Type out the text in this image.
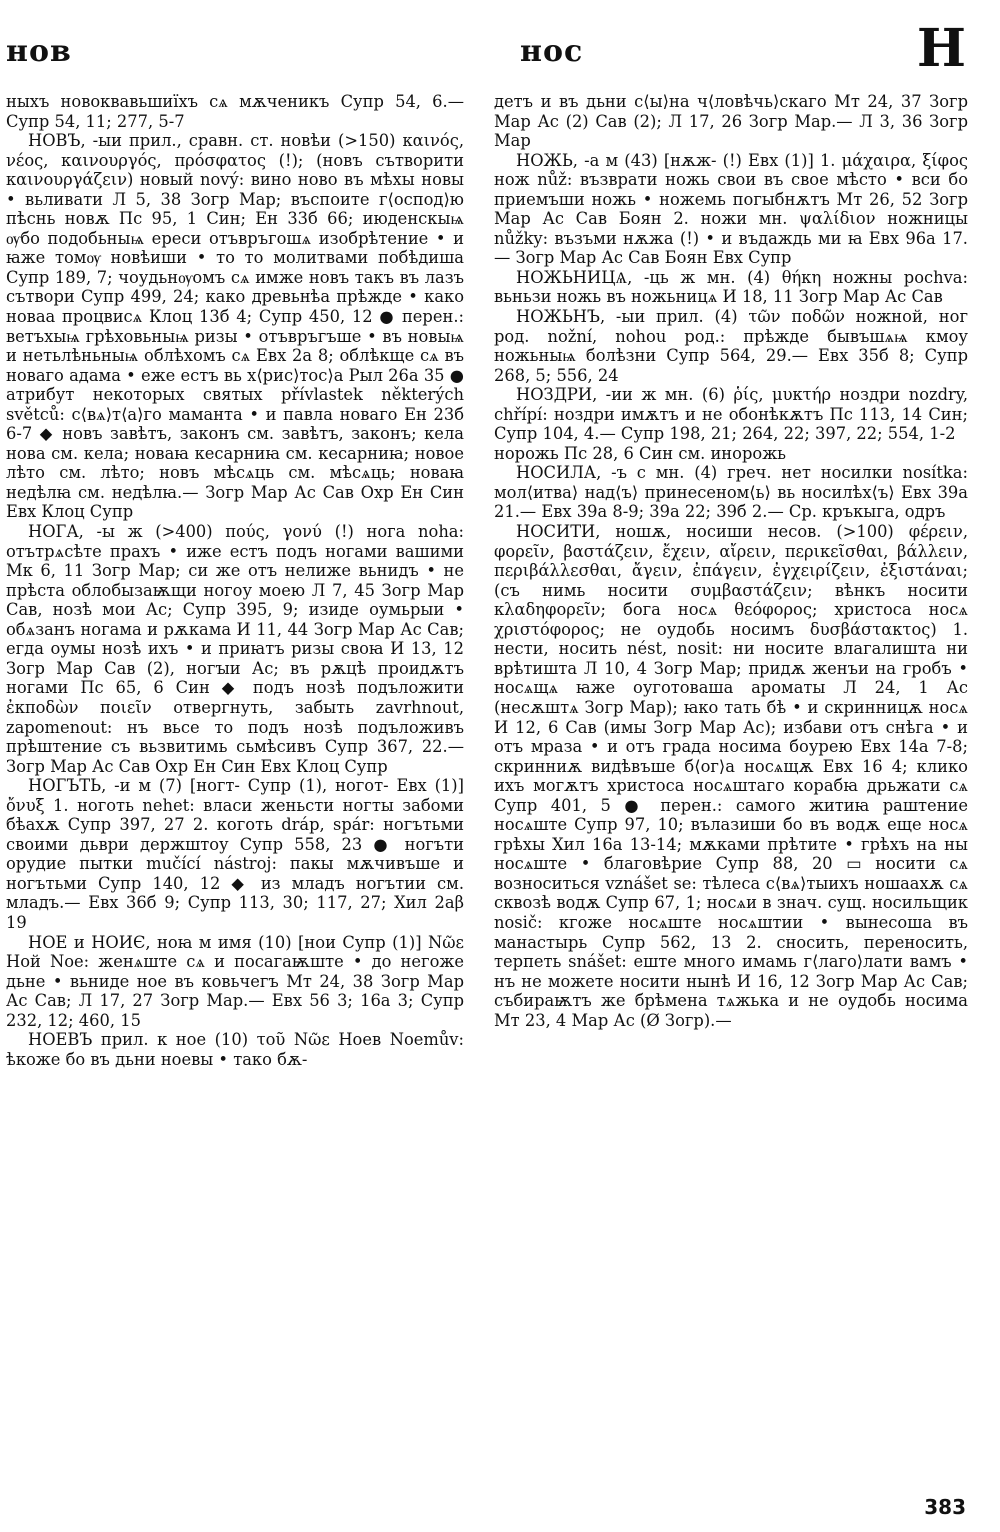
нов	нос	Н

ныхъ новоквавьшиїхъ сѧ мѫченикъ Супр 54, 6.— Супр 54, 11; 277, 5-7

НОВЪ, -ыи прил., сравн. ст. новѣи (>150) καινός, νέος, καινουργός, πρόσφατος (!); (новъ сътворити καινουργάζειν) новый nový: вино ново въ мѣхы новы • вьливати Л 5, 38 Зогр Мар; въспоите г⟨оспод⟩ю пѣснь новѫ Пс 95, 1 Син; Ен 33б 66; июденскыѩ ѹбо подобьныѩ ереси отъвръгошѧ изобрѣтение • и ꙗже томѹ новѣиши • то то молитвами побѣдиша Супр 189, 7; чоудьнѹомъ сѧ имже новъ такъ въ лазъ сътвори Супр 499, 24; како древьнѣа прѣжде • како новаа процвисѧ Клоц 13б 4; Супр 450, 12 ● перен.: ветъхыѩ грѣховьныѩ ризы • отъвръгъше • въ новыѩ и нетьлѣньныѩ облѣхомъ сѧ Евх 2а 8; облѣкще сѧ въ новаго адама • еже естъ вь х⟨рис⟩тос⟩а Рыл 26а 35 ● атрибут некоторых святых přívlastek některých světců: с⟨вѧ⟩т⟨а⟩го маманта • и павла новаго Ен 23б 6-7 ◆ новъ завѣтъ, законъ см. завѣтъ, законъ; кела нова см. кела; новаꙗ кесарниꙗ см. кесарниꙗ; новое лѣто см. лѣто; новъ мѣсѧць см. мѣсѧць; новаꙗ недѣлꙗ см. недѣлꙗ.— Зогр Мар Ас Сав Охр Ен Син Евх Клоц Супр

НОГА, -ы ж (>400) πούς, γονύ (!) нога noha: отътрѧсѣте прахъ • иже естъ подъ ногами вашими Мк 6, 11 Зогр Мар; си же отъ нелиже вьнидъ • не прѣста облобызаѭщи ногоу моею Л 7, 45 Зогр Мар Сав, нозѣ мои Ас; Супр 395, 9; изиде оумьрыи • обѧзанъ ногама и рѫкама И 11, 44 Зогр Мар Ас Сав; егда оумы нозѣ ихъ • и приꙗтъ ризы своꙗ И 13, 12 Зогр Мар Сав (2), ногꙑи Ас; въ рѫцѣ проидѫтъ ногами Пс 65, 6 Син ◆ подъ нозѣ подъложити ἐκποδὼν ποιεῖν отвергнуть, забыть zavrhnout, zapomenout: нъ вьсе то подъ нозѣ подъложивъ прѣштение съ вьзвитимь сьмѣсивъ Супр 367, 22.— Зогр Мар Ас Сав Охр Ен Син Евх Клоц Супр

НОГЪТЬ, -и м (7) [ногт- Супр (1), ногот- Евх (1)] ὄνυξ 1. ноготь nehet: власи женьсти ногты забоми бѣахѫ Супр 397, 27 2. коготь dráp, spár: ногътьми своими дьври держштоу Супр 558, 23 ● ногъти орудие пытки mučící nástroj: пакы мѫчивъше и ногътьми Супр 140, 12 ◆ из младъ ногътии см. младъ.— Евх 36б 9; Супр 113, 30; 117, 27; Хил 2аβ 19

НОЕ и НОИЄ, ноꙗ м имя (10) [нои Супр (1)] Νῶε Ной Noe: женѧште сѧ и посагаѭште • до негоже дьне • вьниде ное въ ковьчегъ Мт 24, 38 Зогр Мар Ас Сав; Л 17, 27 Зогр Мар.— Евх 56 3; 16а 3; Супр 232, 12; 460, 15

НОЕВЪ прил. к ное (10) τοῦ Νῶε Ноев Noemův: ѣкоже бо въ дьни ноевы • тако бѫ-

детъ и въ дьни с⟨ы⟩на ч⟨ловѣчь⟩скаго Мт 24, 37 Зогр Мар Ас (2) Сав (2); Л 17, 26 Зогр Мар.— Л 3, 36 Зогр Мар

НОЖЬ, -а м (43) [нѫж- (!) Евх (1)] 1. μάχαιρα, ξίφος нож nůž: възврати ножь свои въ свое мѣсто • вси бо приемъши ножь • ножемь погыбнѫтъ Мт 26, 52 Зогр Мар Ас Сав Боян 2. ножи мн. ψαλίδιον ножницы nůžky: възъми нѫжа (!) • и въдаждь ми ꙗ Евх 96а 17.— Зогр Мар Ас Сав Боян Евх Супр

НОЖЬНИЦѦ, -ць ж мн. (4) θήκη ножны pochva: вьньзи ножь въ ножьницѧ И 18, 11 Зогр Мар Ас Сав

НОЖЬНЪ, -ыи прил. (4) τῶν ποδῶν ножной, ног род. nožní, nohou род.: прѣжде бывъшѧѩ кмоу ножьныѩ болѣзни Супр 564, 29.— Евх 35б 8; Супр 268, 5; 556, 24

НОЗДРИ, -ии ж мн. (6) ῥίς, μυκτήρ ноздри nozdry, chřípí: ноздри имѫтъ и не обонѣкѫтъ Пс 113, 14 Син; Супр 104, 4.— Супр 198, 21; 264, 22; 397, 22; 554, 1-2

норожь Пс 28, 6 Син см. инорожь

НОСИЛА, -ъ с мн. (4) греч. нет носилки nosítka: мол⟨итва⟩ над⟨ъ⟩ принесеном⟨ь⟩ вь носилѣх⟨ъ⟩ Евх 39а 21.— Евх 39а 8-9; 39а 22; 39б 2.— Ср. кръкыга, одръ

НОСИТИ, ношѫ, носиши несов. (>100) φέρειν, φορεῖν, βαστάζειν, ἔχειν, αἴρειν, περικεῖσθαι, βάλλειν, περιβάλλεσθαι, ἄγειν, ἐπάγειν, ἐγχειρίζειν, ἐξιστάναι; (съ нимь носити συμβαστάζειν; вѣнкъ носити κλαδηφορεῖν; бога носѧ θεόφορος; христоса носѧ χριστόφορος; не оудобь носимъ δυσβάστακτος) 1. нести, носить nést, nosit: ни носите влагалишта ни врѣтишта Л 10, 4 Зогр Мар; придѫ женъи на гробъ • носѧщѧ ꙗже оуготоваша ароматы Л 24, 1 Ас (несѫштѧ Зогр Мар); ꙗко тать бѣ • и скринницѫ носѧ И 12, 6 Сав (имы Зогр Мар Ас); избави отъ снѣга • и отъ мраза • и отъ града носима боурею Евх 14а 7-8; скринниѫ видѣвъше б⟨ог⟩а носѧщѫ Евх 16 4; клико ихъ могѫтъ христоса носѧштаго корабꙗ дрьжати сѧ Супр 401, 5 ● перен.: самого житиꙗ раштение носѧште Супр 97, 10; вълазиши бо въ водѫ еще носѧ грѣхы Хил 16а 13-14; мѫками прѣтите • грѣхъ на ны носѧште • благовѣрие Супр 88, 20 ▭ носити сѧ возноситься vznášet se: тѣлеса с⟨вѧ⟩тыихъ ношаахѫ сѧ сквозѣ водѫ Супр 67, 1; носѧи в знач. сущ. носильщик nosič: кгоже носѧште носѧштии • вынесоша въ манастырь Супр 562, 13 2. сносить, переносить, терпеть snášet: еште много имамь г⟨лаго⟩лати вамъ • нъ не можете носити нынѣ И 16, 12 Зогр Мар Ас Сав; събираѭтъ же брѣмена тѧжька и не оудобь носима Мт 23, 4 Мар Ас (Ø Зогр).—

383
